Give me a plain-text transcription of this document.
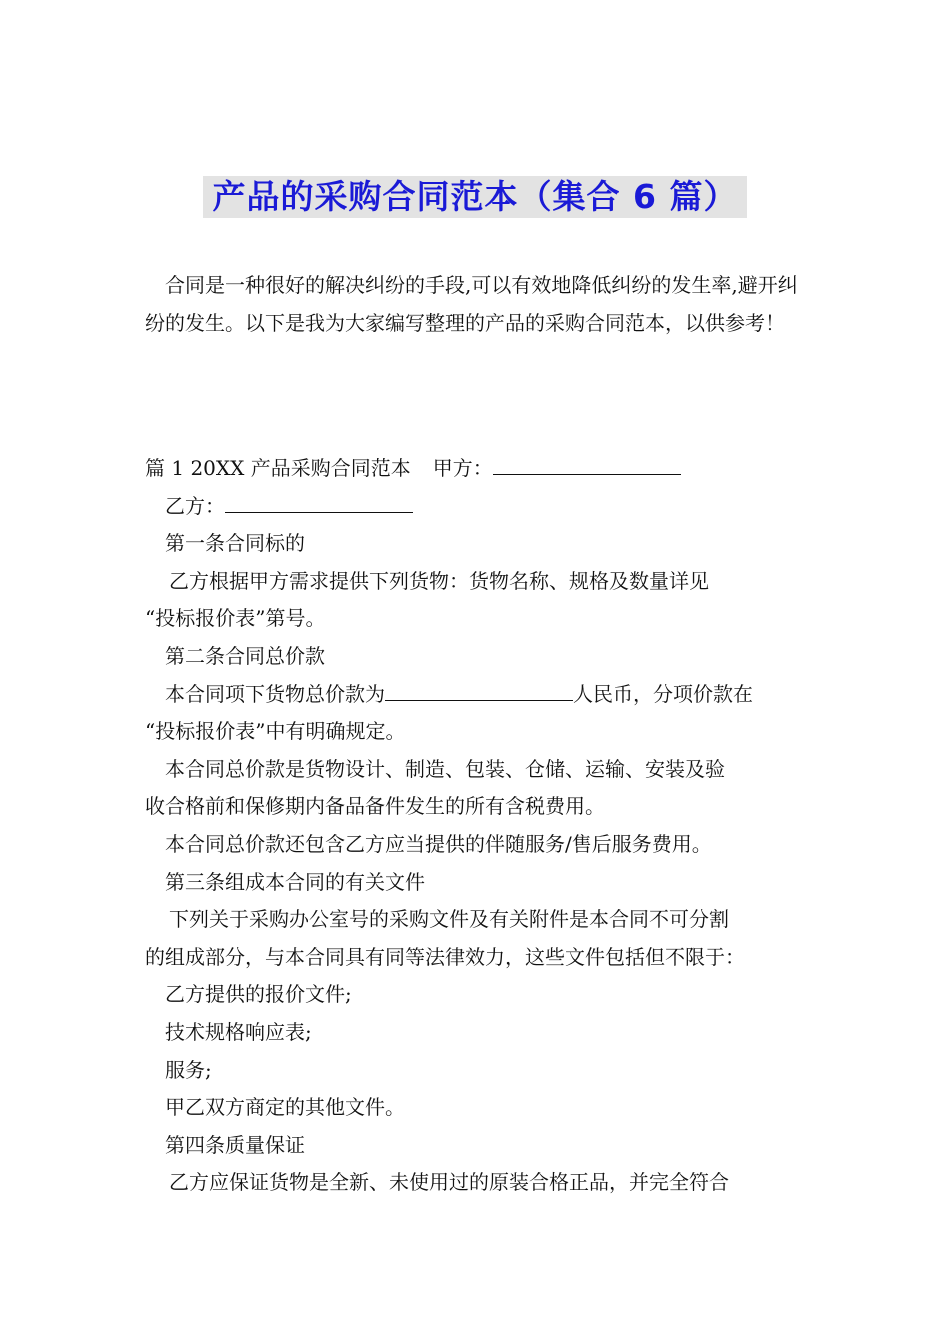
产品的采购合同范本（集合 6 篇）

合同是一种很好的解决纠纷的手段,可以有效地降低纠纷的发生率,避开纠纷的发生。以下是我为大家编写整理的产品的采购合同范本，以供参考！

篇 1 20XX 产品采购合同范本 甲方：
乙方：
第一条合同标的
乙方根据甲方需求提供下列货物：货物名称、规格及数量详见
“投标报价表”第号。
第二条合同总价款
本合同项下货物总价款为	人民币，分项价款在
“投标报价表”中有明确规定。
本合同总价款是货物设计、制造、包装、仓储、运输、安装及验
收合格前和保修期内备品备件发生的所有含税费用。
本合同总价款还包含乙方应当提供的伴随服务/售后服务费用。
第三条组成本合同的有关文件
下列关于采购办公室号的采购文件及有关附件是本合同不可分割
的组成部分，与本合同具有同等法律效力，这些文件包括但不限于：
乙方提供的报价文件;
技术规格响应表;
服务;
甲乙双方商定的其他文件。
第四条质量保证
乙方应保证货物是全新、未使用过的原装合格正品，并完全符合
